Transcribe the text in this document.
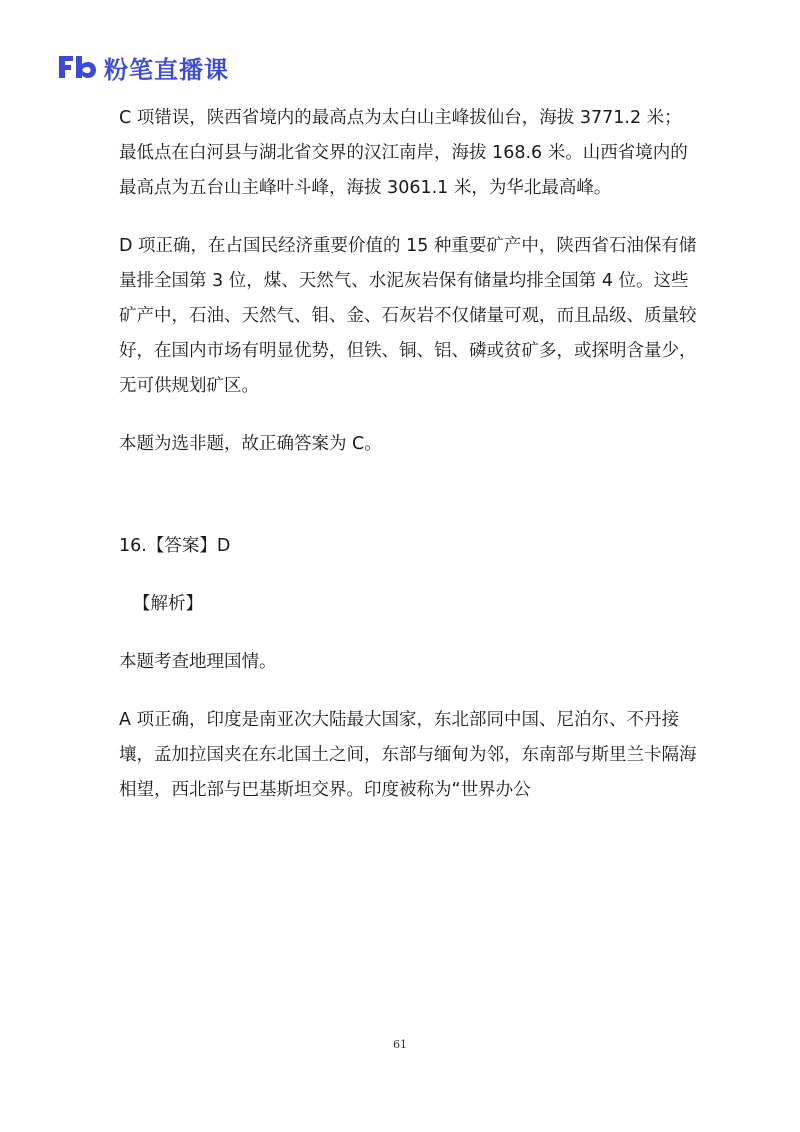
Fb
粉笔直播课

C 项错误，陕西省境内的最高点为太白山主峰拔仙台，海拔 3771.2 米；最低点在白河县与湖北省交界的汉江南岸，海拔 168.6 米。山西省境内的最高点为五台山主峰叶斗峰，海拔 3061.1 米，为华北最高峰。

D 项正确，在占国民经济重要价值的 15 种重要矿产中，陕西省石油保有储量排全国第 3 位，煤、天然气、水泥灰岩保有储量均排全国第 4 位。这些矿产中，石油、天然气、钼、金、石灰岩不仅储量可观，而且品级、质量较好，在国内市场有明显优势，但铁、铜、铝、磷或贫矿多，或探明含量少，无可供规划矿区。

本题为选非题，故正确答案为 C。

16.【答案】D

【解析】

本题考查地理国情。

A 项正确，印度是南亚次大陆最大国家，东北部同中国、尼泊尔、不丹接壤，孟加拉国夹在东北国土之间，东部与缅甸为邻，东南部与斯里兰卡隔海相望，西北部与巴基斯坦交界。印度被称为“世界办公

61
